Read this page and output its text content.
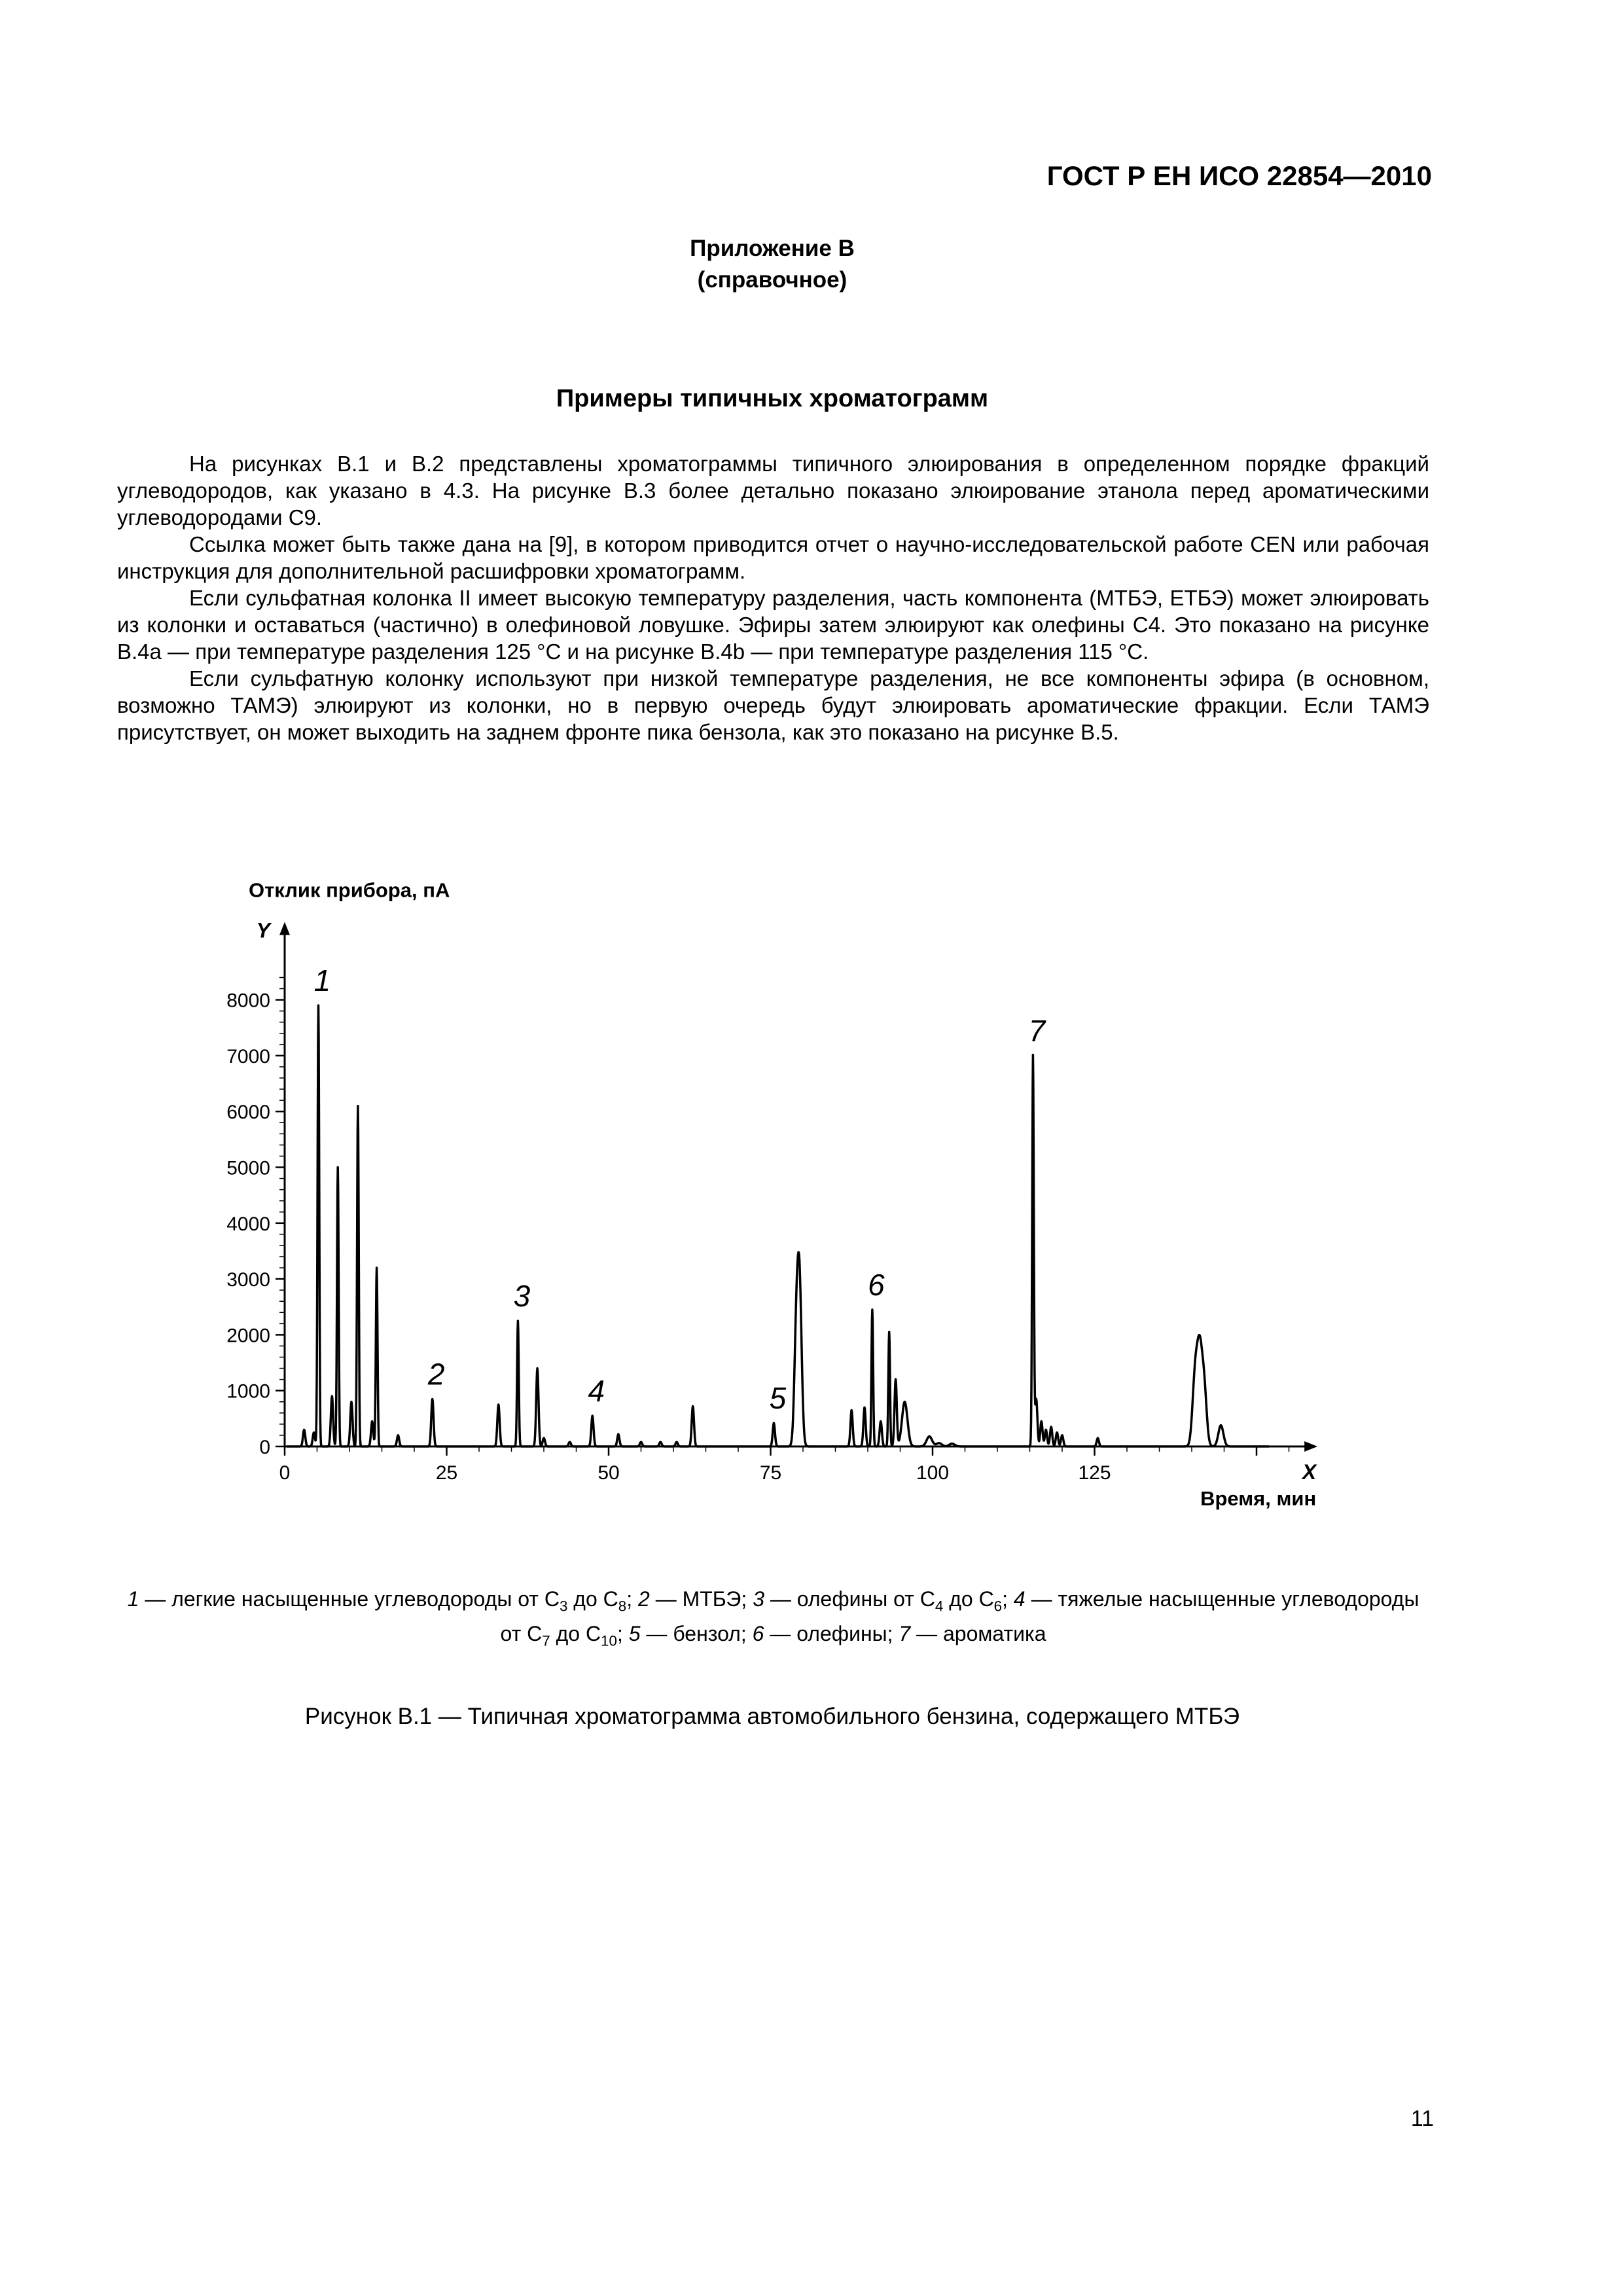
ГОСТ Р ЕН ИСО 22854—2010
Приложение В
(справочное)
Примеры типичных хроматограмм

На рисунках В.1 и В.2 представлены хроматограммы типичного элюирования в определенном порядке фракций углеводородов, как указано в 4.3. На рисунке В.3 более детально показано элюирование этанола перед ароматическими углеводородами С9.

Ссылка может быть также дана на [9], в котором приводится отчет о научно-исследовательской работе CEN или рабочая инструкция для дополнительной расшифровки хроматограмм.

Если сульфатная колонка II имеет высокую температуру разделения, часть компонента (МТБЭ, ЕТБЭ) может элюировать из колонки и оставаться (частично) в олефиновой ловушке. Эфиры затем элюируют как олефины С4. Это показано на рисунке В.4a — при температуре разделения 125 °С и на рисунке В.4b — при температуре разделения 115 °С.

Если сульфатную колонку используют при низкой температуре разделения, не все компоненты эфира (в основном, возможно ТАМЭ) элюируют из колонки, но в первую очередь будут элюировать ароматические фракции. Если ТАМЭ присутствует, он может выходить на заднем фронте пика бензола, как это показано на рисунке В.5.

0
1000
2000
3000
4000
5000
6000
7000
8000
0	25	50	75	100	125
Отклик прибора, пА
Y
X
Время, мин
1
2
3
4	5
6
7
1 — легкие насыщенные углеводороды от $С_3$ до $С_8$; 2 — МТБЭ; 3 — олефины от $С_4$ до $С_6$; 4 — тяжелые насыщенные углеводороды от $С_7$ до $С_{10}$; 5 — бензол; 6 — олефины; 7 — ароматика
Рисунок В.1 — Типичная хроматограмма автомобильного бензина, содержащего МТБЭ
11
